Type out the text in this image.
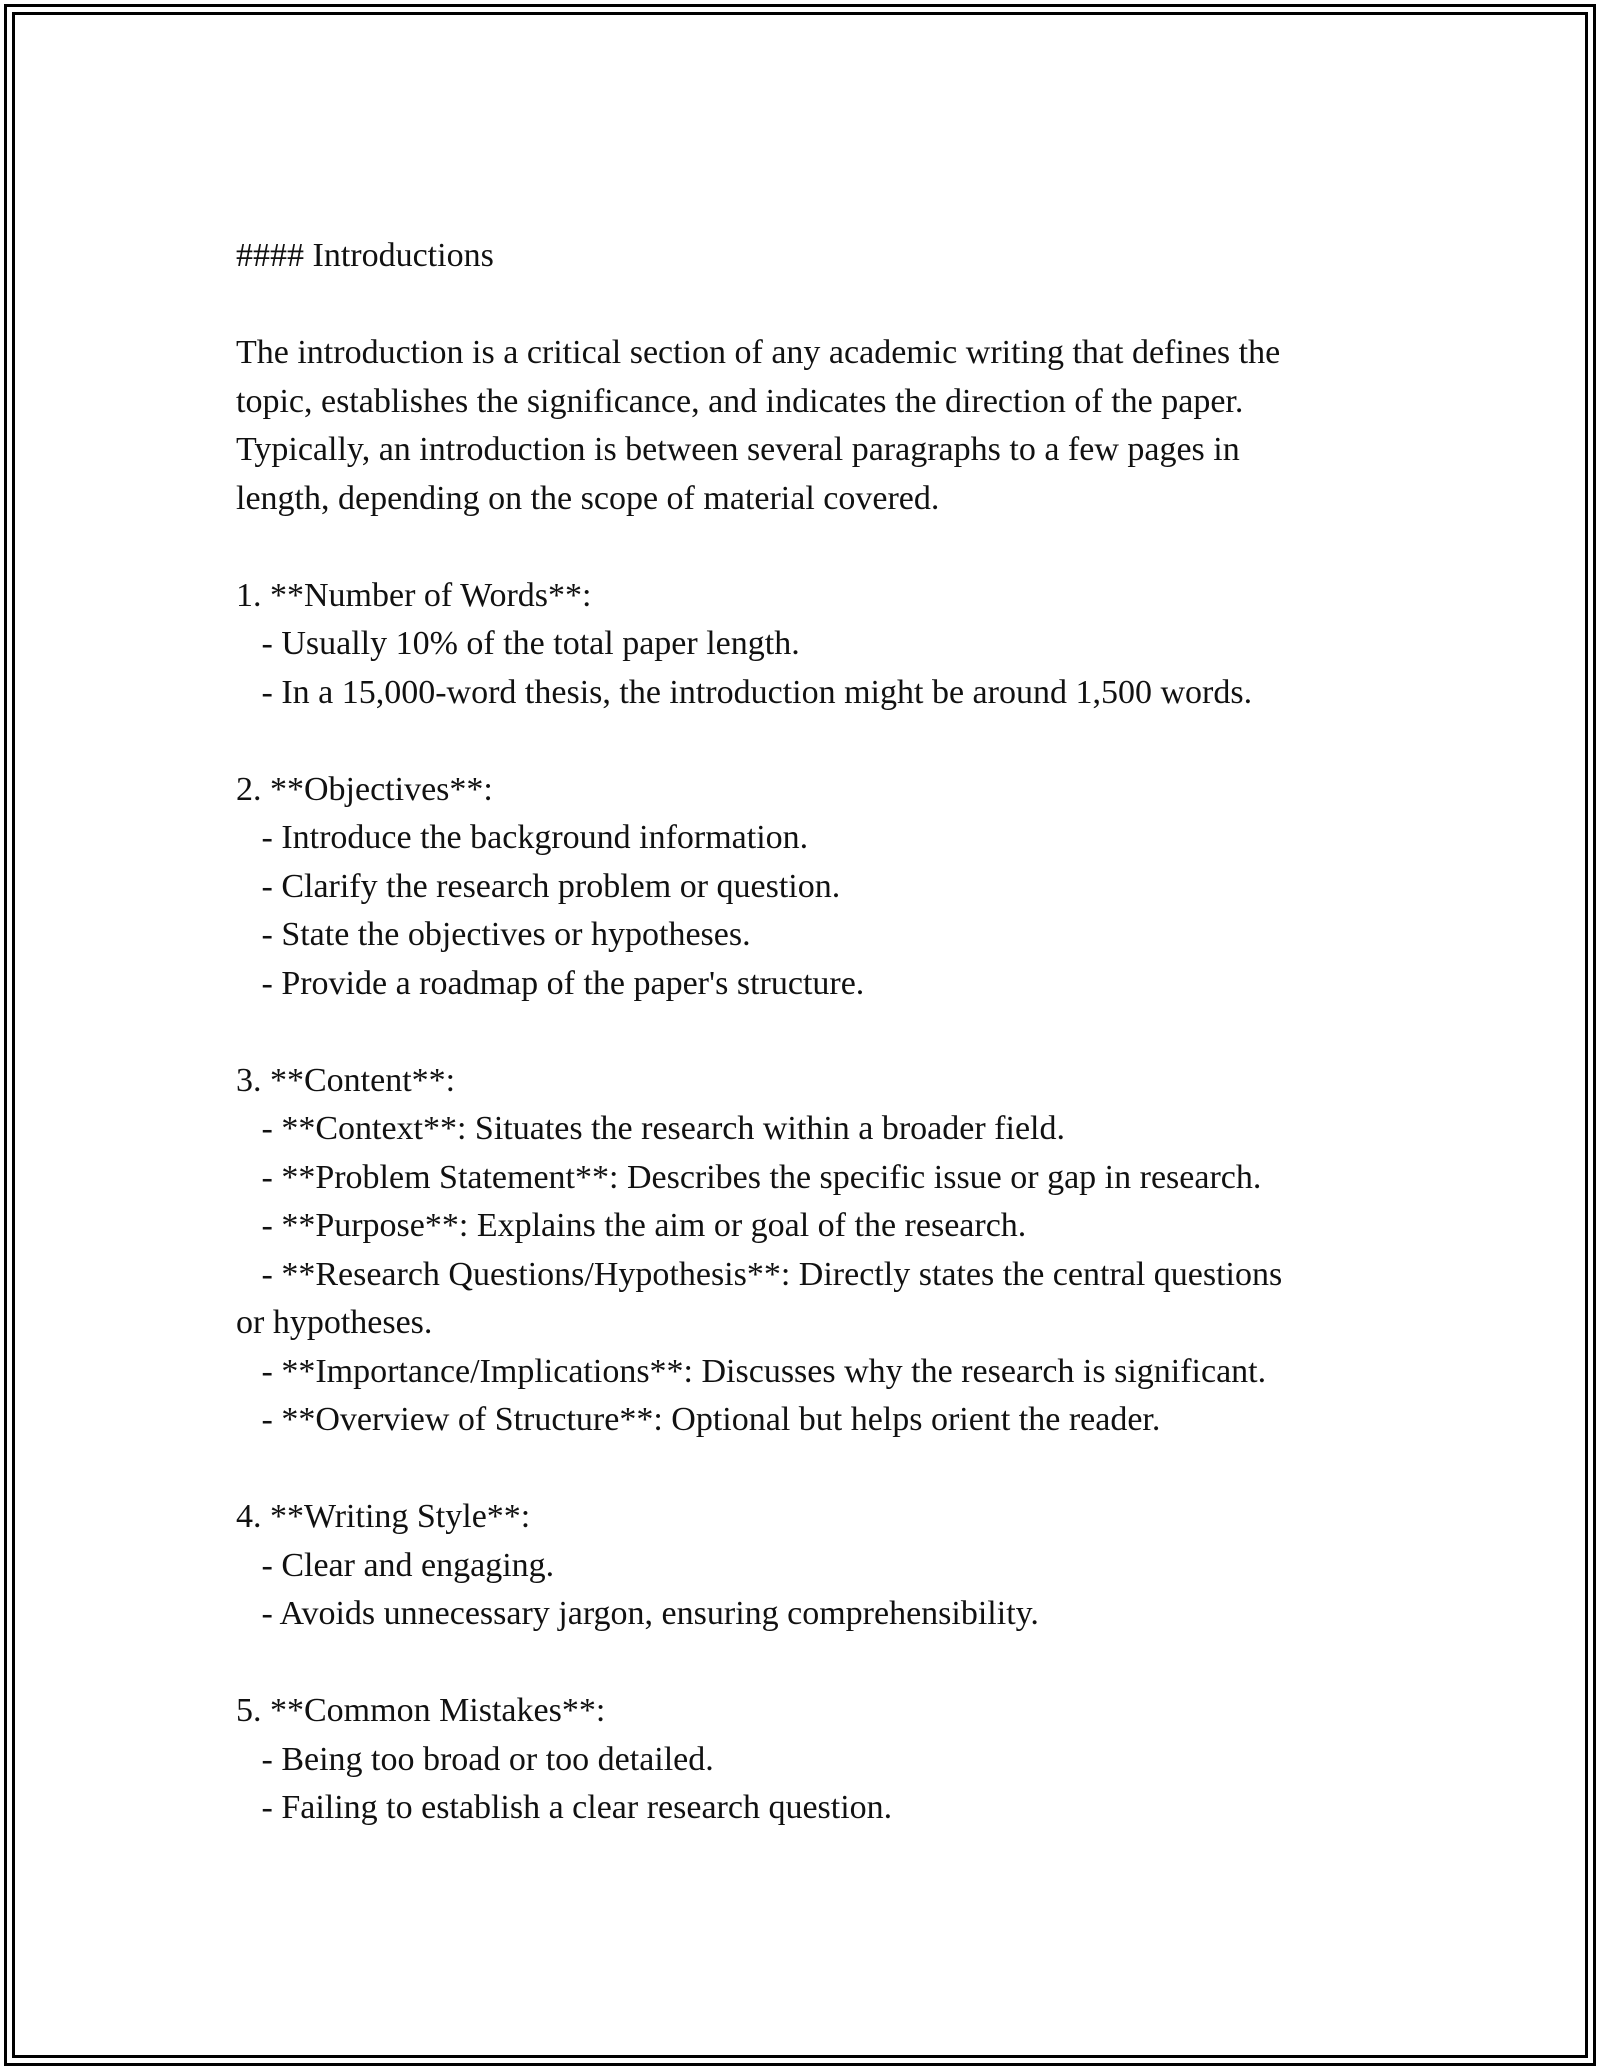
#### Introductions

The introduction is a critical section of any academic writing that defines the

topic, establishes the significance, and indicates the direction of the paper.

Typically, an introduction is between several paragraphs to a few pages in

length, depending on the scope of material covered.

1. **Number of Words**:

- Usually 10% of the total paper length.

- In a 15,000-word thesis, the introduction might be around 1,500 words.

2. **Objectives**:

- Introduce the background information.

- Clarify the research problem or question.

- State the objectives or hypotheses.

- Provide a roadmap of the paper's structure.

3. **Content**:

- **Context**: Situates the research within a broader field.

- **Problem Statement**: Describes the specific issue or gap in research.

- **Purpose**: Explains the aim or goal of the research.

- **Research Questions/Hypothesis**: Directly states the central questions

or hypotheses.

- **Importance/Implications**: Discusses why the research is significant.

- **Overview of Structure**: Optional but helps orient the reader.

4. **Writing Style**:

- Clear and engaging.

- Avoids unnecessary jargon, ensuring comprehensibility.

5. **Common Mistakes**:

- Being too broad or too detailed.

- Failing to establish a clear research question.
